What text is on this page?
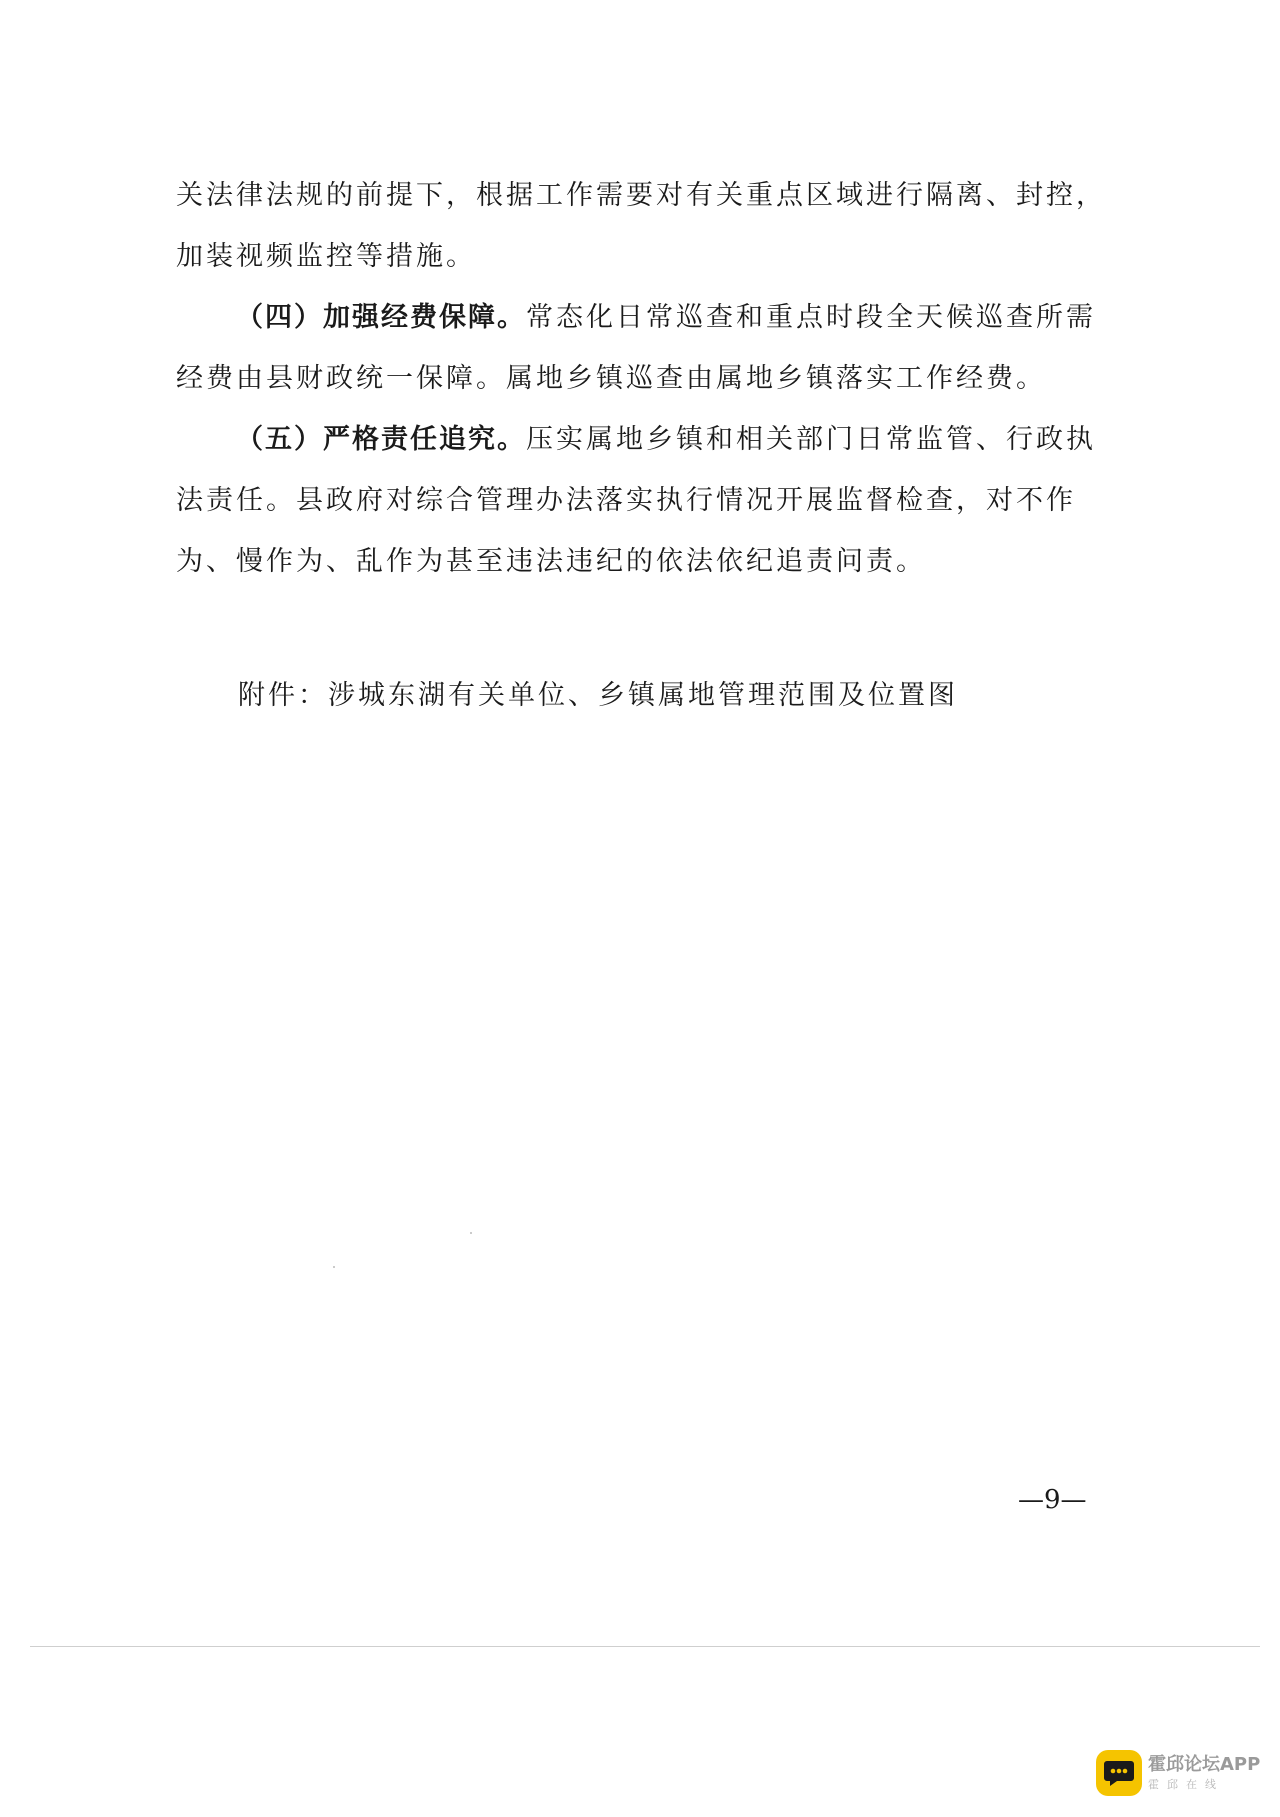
关法律法规的前提下，根据工作需要对有关重点区域进行隔离、封控，加装视频监控等措施。

（四）加强经费保障。常态化日常巡查和重点时段全天候巡查所需经费由县财政统一保障。属地乡镇巡查由属地乡镇落实工作经费。

（五）严格责任追究。压实属地乡镇和相关部门日常监管、行政执法责任。县政府对综合管理办法落实执行情况开展监督检查，对不作为、慢作为、乱作为甚至违法违纪的依法依纪追责问责。

附件：涉城东湖有关单位、乡镇属地管理范围及位置图
—9—
霍邱论坛APP
霍邱在线
